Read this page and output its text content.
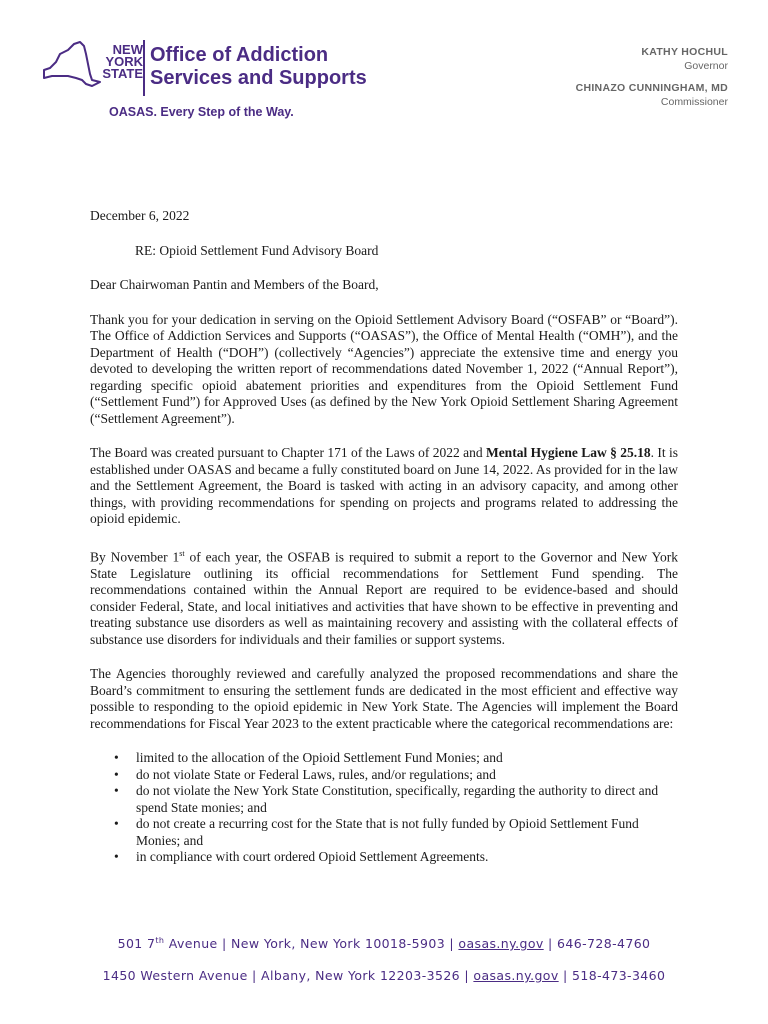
NEW YORK STATE
Office of Addiction Services and Supports
OASAS. Every Step of the Way.
KATHY HOCHUL
Governor
CHINAZO CUNNINGHAM, MD
Commissioner

December 6, 2022

RE: Opioid Settlement Fund Advisory Board

Dear Chairwoman Pantin and Members of the Board,

Thank you for your dedication in serving on the Opioid Settlement Advisory Board (“OSFAB” or “Board”). The Office of Addiction Services and Supports (“OASAS”), the Office of Mental Health (“OMH”), and the Department of Health (“DOH”) (collectively “Agencies”) appreciate the extensive time and energy you devoted to developing the written report of recommendations dated November 1, 2022 (“Annual Report”), regarding specific opioid abatement priorities and expenditures from the Opioid Settlement Fund (“Settlement Fund”) for Approved Uses (as defined by the New York Opioid Settlement Sharing Agreement (“Settlement Agreement”).

The Board was created pursuant to Chapter 171 of the Laws of 2022 and Mental Hygiene Law § 25.18. It is established under OASAS and became a fully constituted board on June 14, 2022. As provided for in the law and the Settlement Agreement, the Board is tasked with acting in an advisory capacity, and among other things, with providing recommendations for spending on projects and programs related to addressing the opioid epidemic.

By November 1st of each year, the OSFAB is required to submit a report to the Governor and New York State Legislature outlining its official recommendations for Settlement Fund spending. The recommendations contained within the Annual Report are required to be evidence-based and should consider Federal, State, and local initiatives and activities that have shown to be effective in preventing and treating substance use disorders as well as maintaining recovery and assisting with the collateral effects of substance use disorders for individuals and their families or support systems.

The Agencies thoroughly reviewed and carefully analyzed the proposed recommendations and share the Board’s commitment to ensuring the settlement funds are dedicated in the most efficient and effective way possible to responding to the opioid epidemic in New York State. The Agencies will implement the Board recommendations for Fiscal Year 2023 to the extent practicable where the categorical recommendations are:

• limited to the allocation of the Opioid Settlement Fund Monies; and
• do not violate State or Federal Laws, rules, and/or regulations; and
• do not violate the New York State Constitution, specifically, regarding the authority to direct and spend State monies; and
• do not create a recurring cost for the State that is not fully funded by Opioid Settlement Fund Monies; and
• in compliance with court ordered Opioid Settlement Agreements.
501 7th Avenue | New York, New York 10018-5903 | oasas.ny.gov | 646-728-4760
1450 Western Avenue | Albany, New York 12203-3526 | oasas.ny.gov | 518-473-3460
